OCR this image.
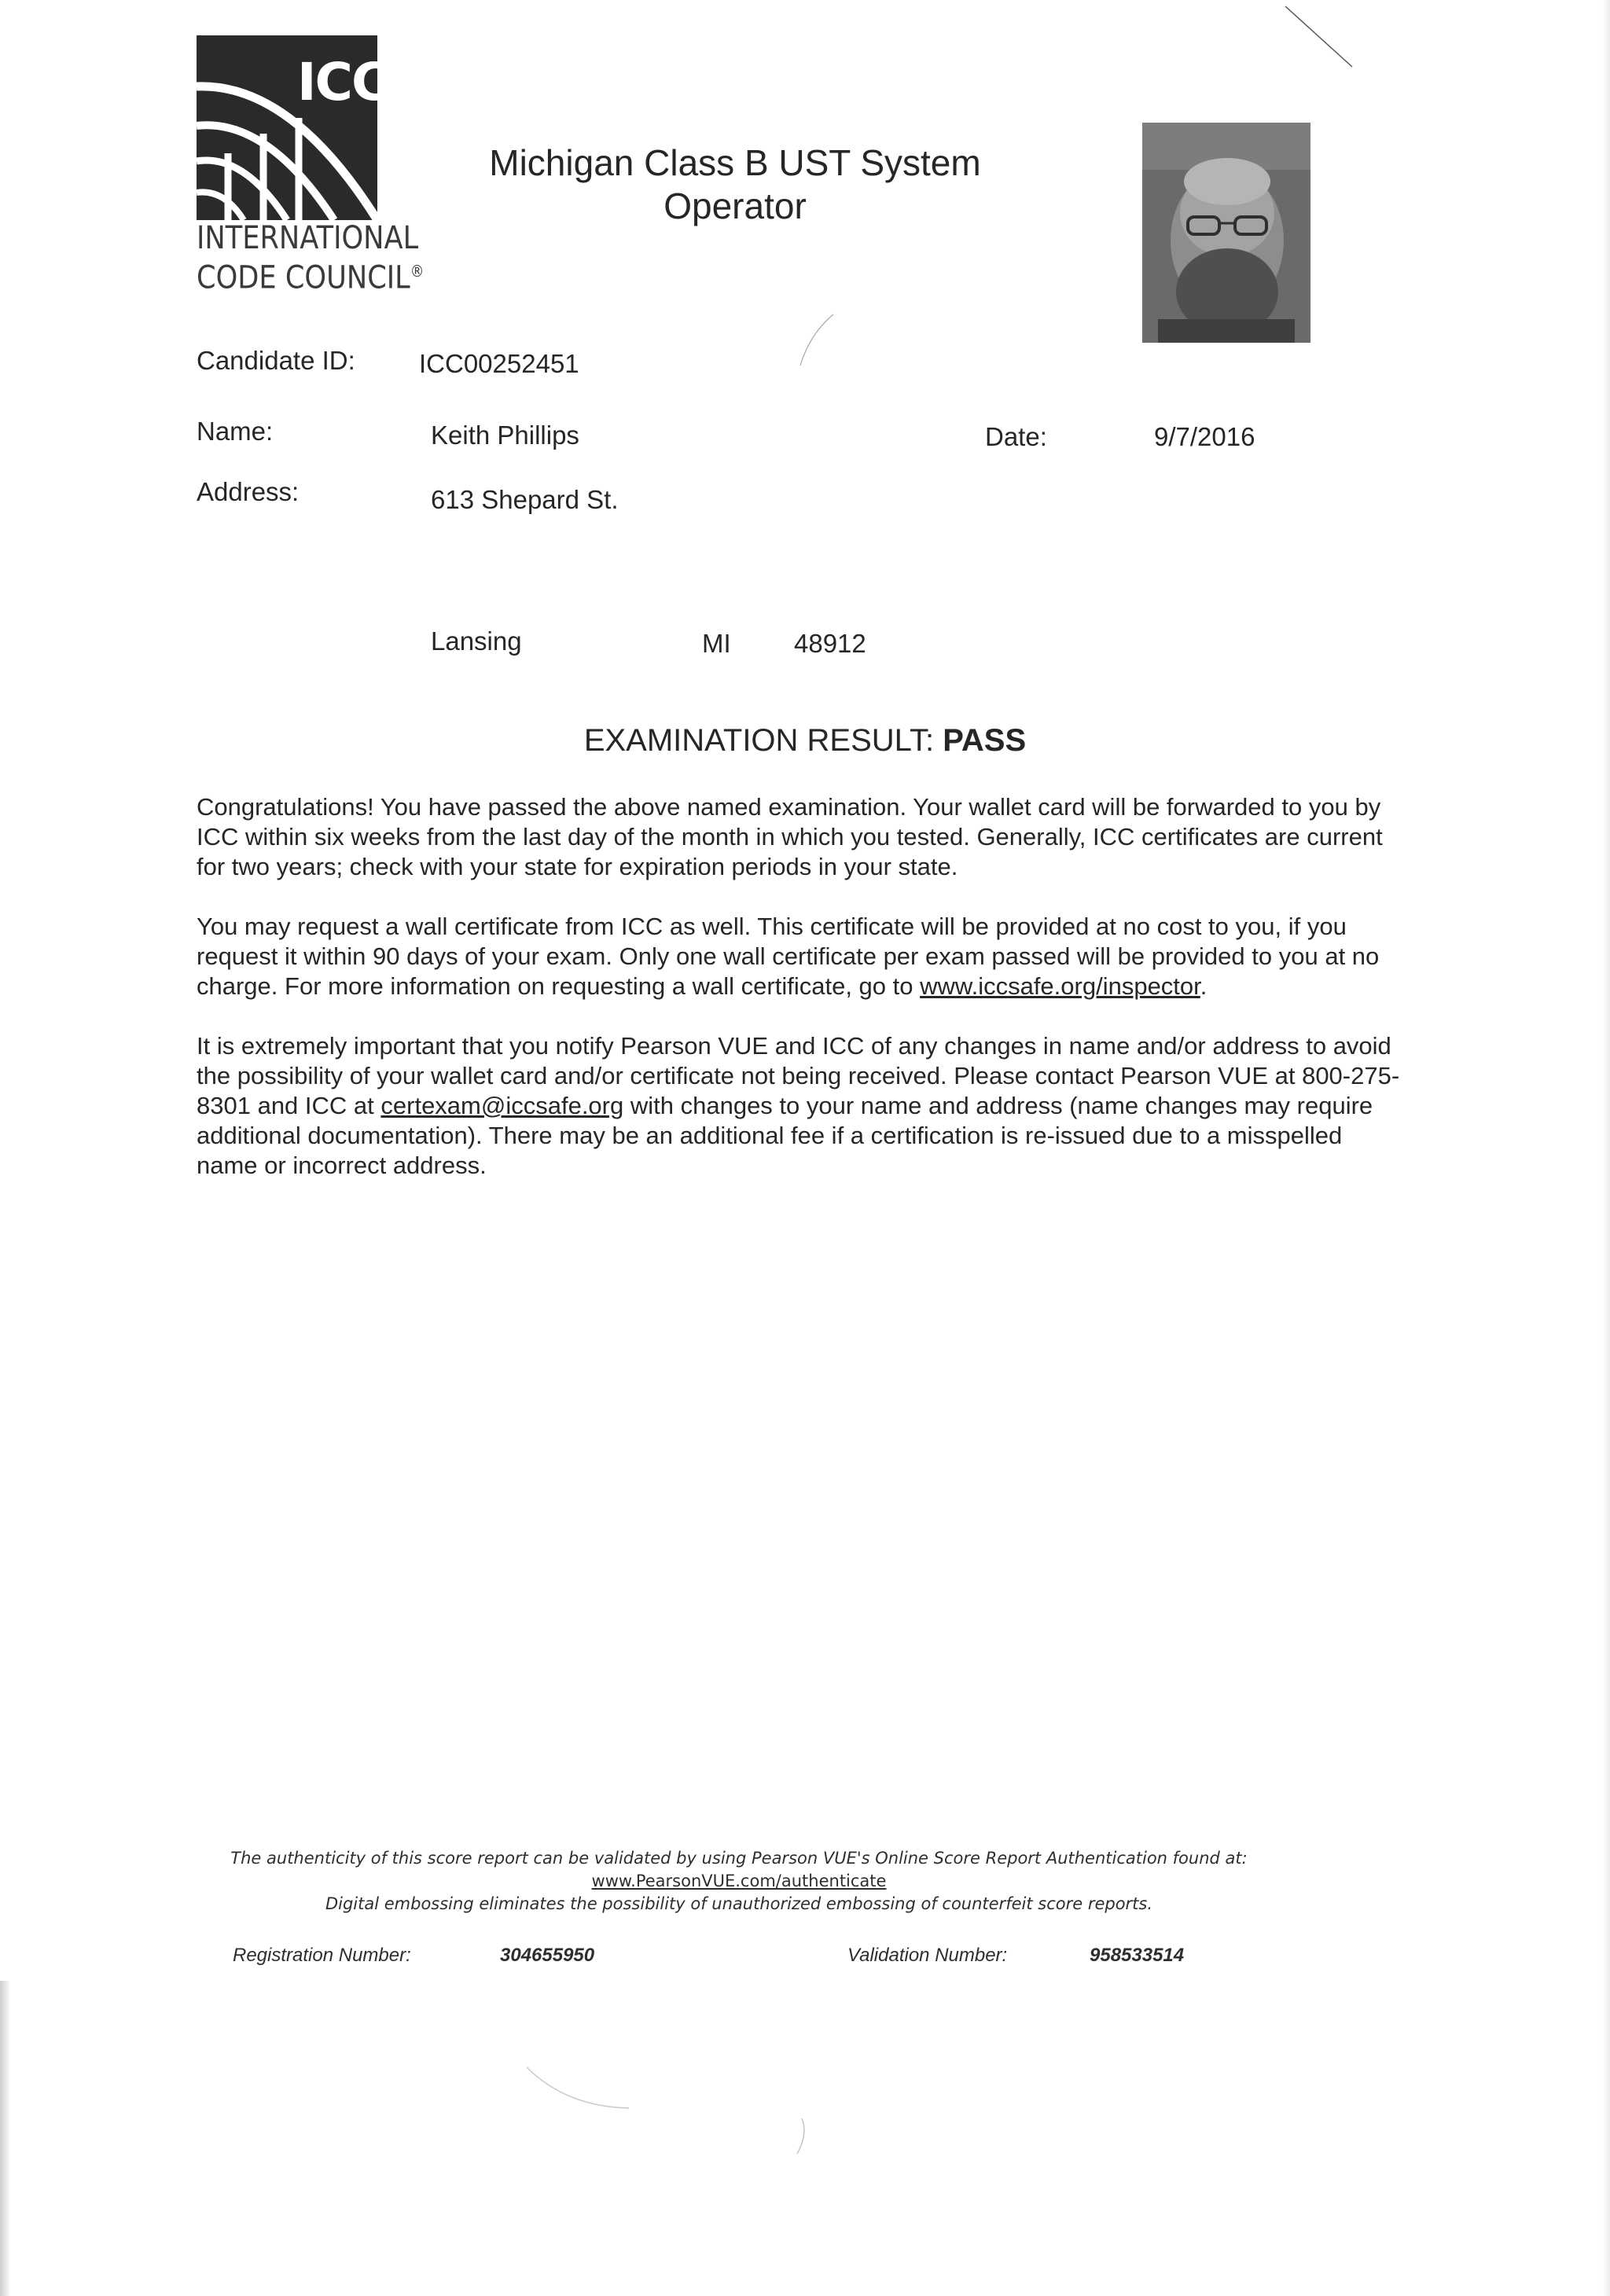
ICC
INTERNATIONAL
CODE COUNCIL®
Michigan Class B UST System
Operator
Candidate ID: ICC00252451
Name:	Keith Phillips	Date:	9/7/2016
Address:	613 Shepard St.
Lansing	MI 48912
EXAMINATION RESULT: PASS

Congratulations! You have passed the above named examination. Your wallet card will be forwarded to you by ICC within six weeks from the last day of the month in which you tested. Generally, ICC certificates are current for two years; check with your state for expiration periods in your state.

You may request a wall certificate from ICC as well. This certificate will be provided at no cost to you, if you request it within 90 days of your exam. Only one wall certificate per exam passed will be provided to you at no charge. For more information on requesting a wall certificate, go to www.iccsafe.org/inspector.

It is extremely important that you notify Pearson VUE and ICC of any changes in name and/or address to avoid the possibility of your wallet card and/or certificate not being received. Please contact Pearson VUE at 800-275-8301 and ICC at certexam@iccsafe.org with changes to your name and address (name changes may require additional documentation). There may be an additional fee if a certification is re-issued due to a misspelled name or incorrect address.

The authenticity of this score report can be validated by using Pearson VUE's Online Score Report Authentication found at:
www.PearsonVUE.com/authenticate
Digital embossing eliminates the possibility of unauthorized embossing of counterfeit score reports.
Registration Number:	304655950	Validation Number:	958533514
